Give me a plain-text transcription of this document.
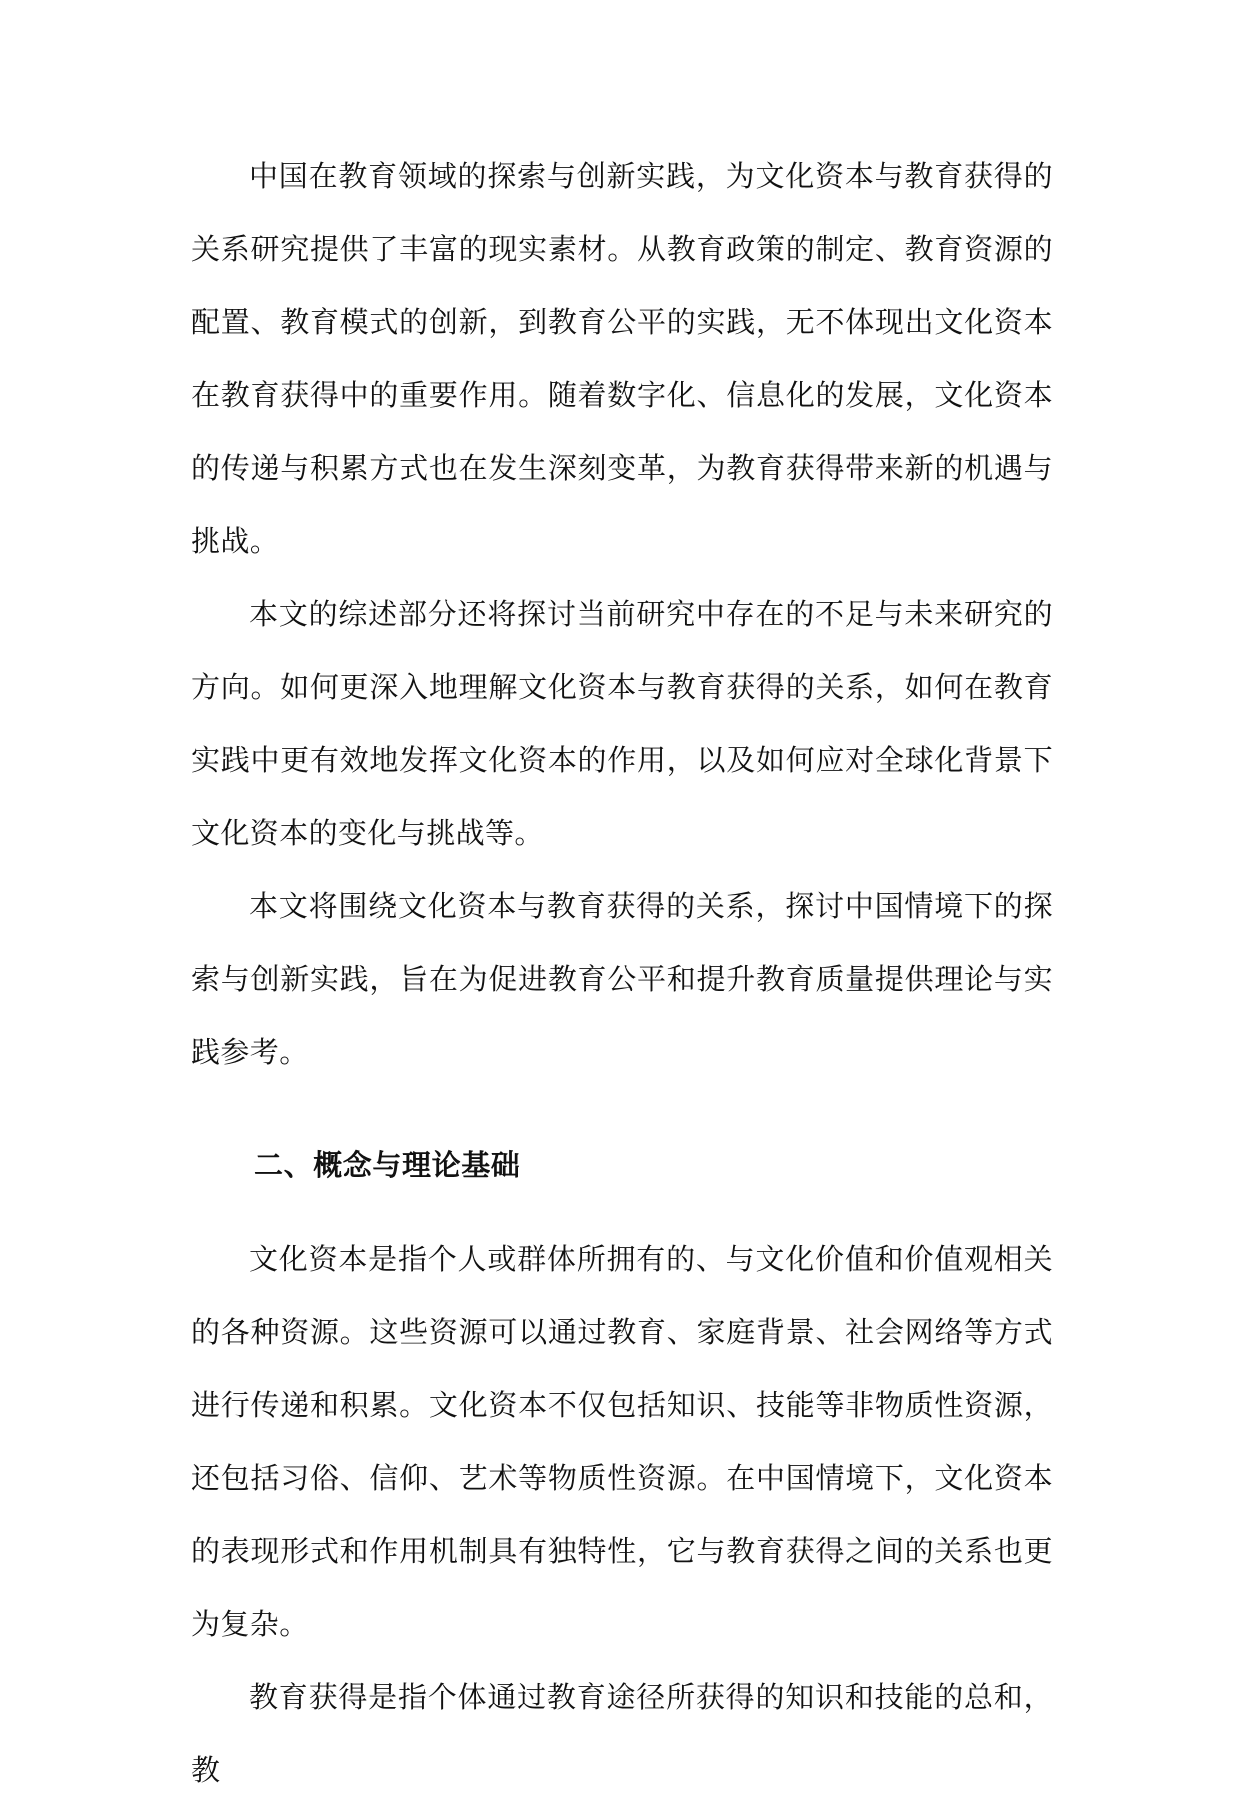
中国在教育领域的探索与创新实践，为文化资本与教育获得的关系研究提供了丰富的现实素材。从教育政策的制定、教育资源的配置、教育模式的创新，到教育公平的实践，无不体现出文化资本在教育获得中的重要作用。随着数字化、信息化的发展，文化资本的传递与积累方式也在发生深刻变革，为教育获得带来新的机遇与挑战。

本文的综述部分还将探讨当前研究中存在的不足与未来研究的方向。如何更深入地理解文化资本与教育获得的关系，如何在教育实践中更有效地发挥文化资本的作用，以及如何应对全球化背景下文化资本的变化与挑战等。

本文将围绕文化资本与教育获得的关系，探讨中国情境下的探索与创新实践，旨在为促进教育公平和提升教育质量提供理论与实践参考。

二、概念与理论基础

文化资本是指个人或群体所拥有的、与文化价值和价值观相关的各种资源。这些资源可以通过教育、家庭背景、社会网络等方式进行传递和积累。文化资本不仅包括知识、技能等非物质性资源，还包括习俗、信仰、艺术等物质性资源。在中国情境下，文化资本的表现形式和作用机制具有独特性，它与教育获得之间的关系也更为复杂。

教育获得是指个体通过教育途径所获得的知识和技能的总和，教
